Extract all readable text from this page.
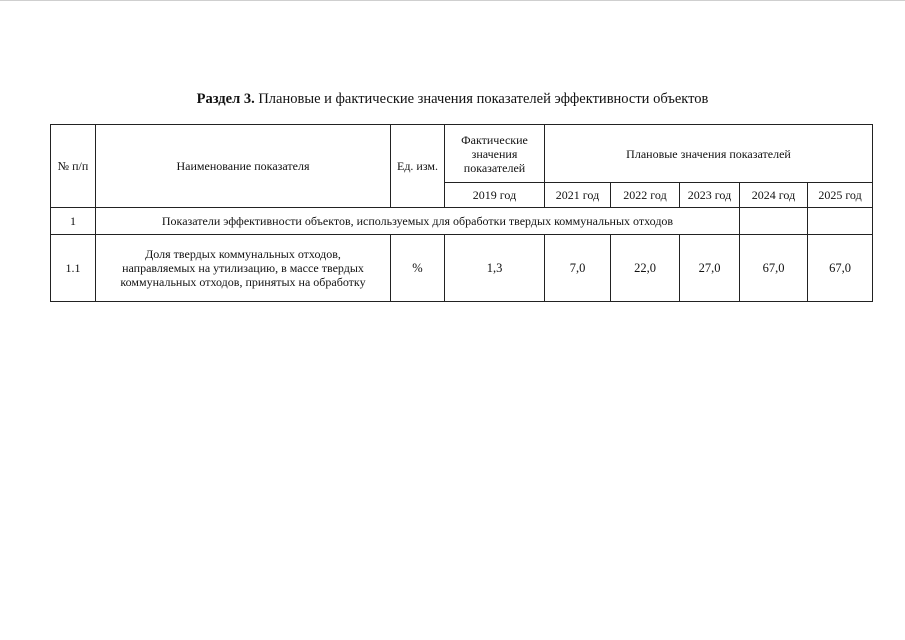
Раздел 3. Плановые и фактические значения показателей эффективности объектов
№ п/п	Наименование показателя	Ед. изм.	Фактические
значения
показателей	Плановые значения показателей				
			2019 год	2021 год	2022 год	2023 год	2024 год	2025 год
1	Показатели эффективности объектов, используемых для обработки твердых коммунальных отходов							
1.1	Доля твердых коммунальных отходов,
направляемых на утилизацию, в массе твердых
коммунальных отходов, принятых на обработку	%	1,3	7,0	22,0	27,0	67,0	67,0
